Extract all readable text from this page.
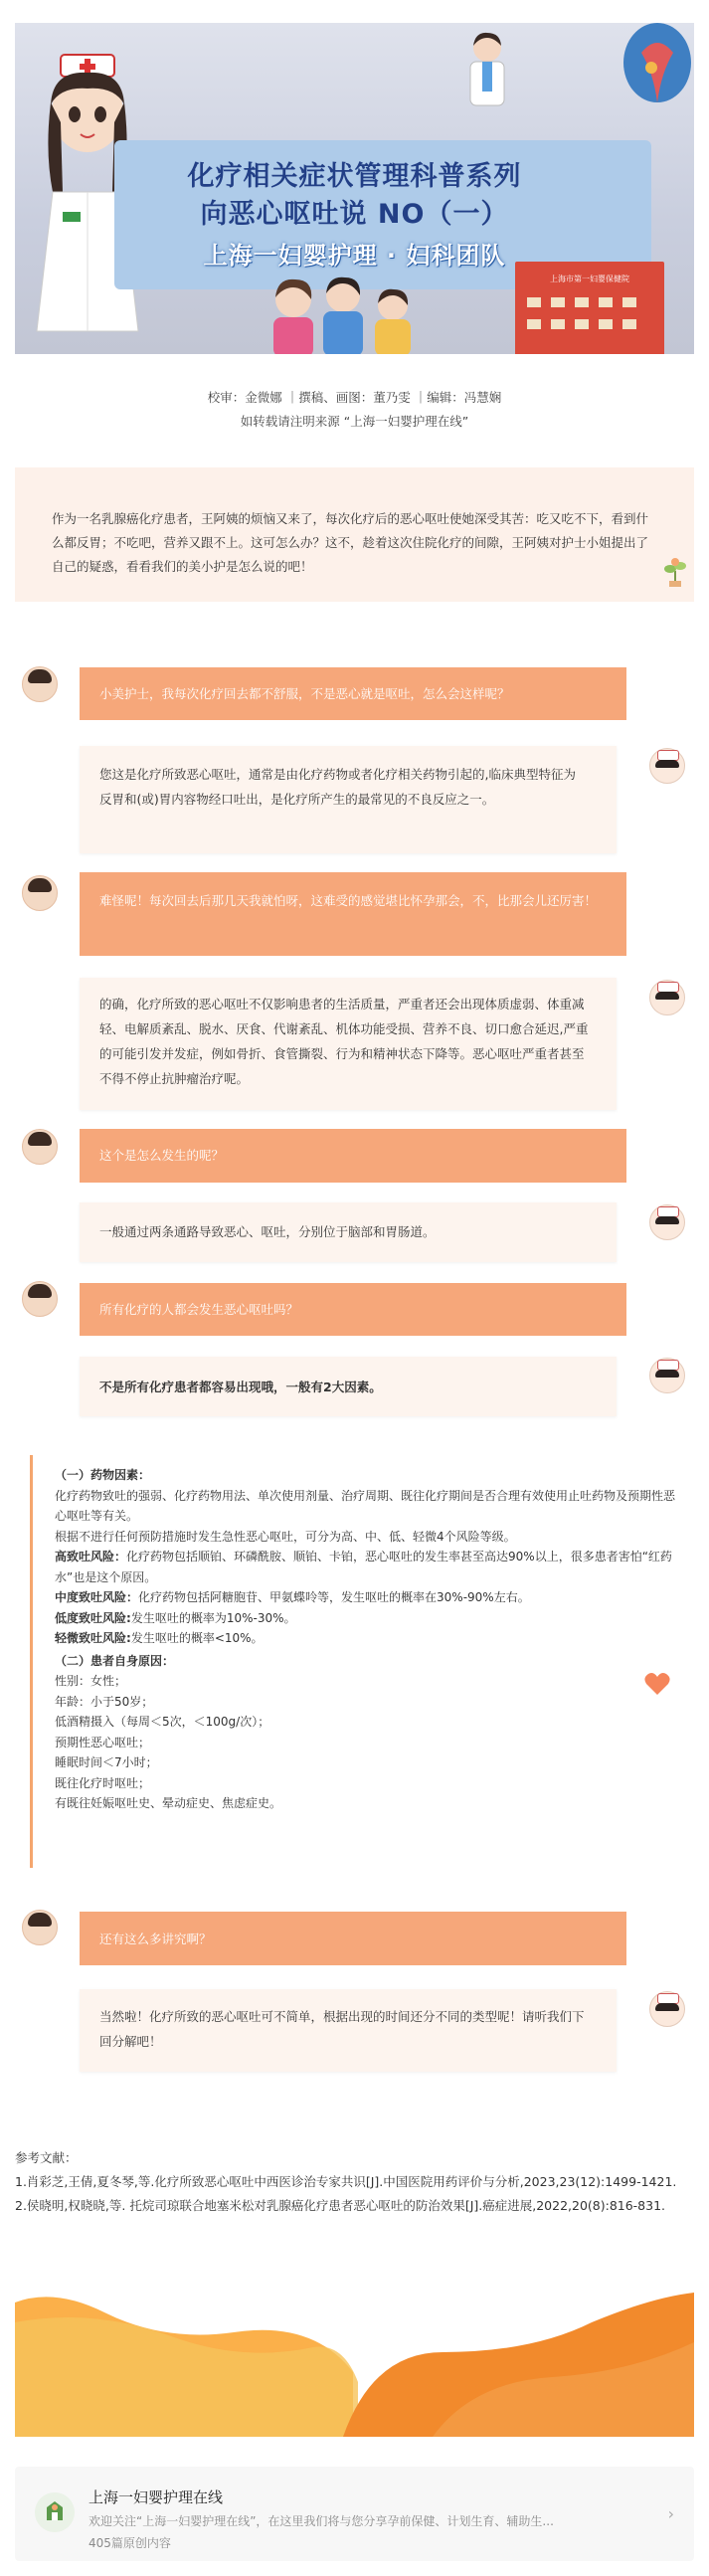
化疗相关症状管理科普系列
向恶心呕吐说 NO（一）
上海一妇婴护理 · 妇科团队
上海市第一妇婴保健院
校审：金微娜 ｜撰稿、画图：董乃雯 ｜编辑：冯慧娴
如转载请注明来源 “上海一妇婴护理在线”
作为一名乳腺癌化疗患者，王阿姨的烦恼又来了，每次化疗后的恶心呕吐使她深受其苦：吃又吃不下，看到什么都反胃；不吃吧，营养又跟不上。这可怎么办？这不，趁着这次住院化疗的间隙，王阿姨对护士小姐提出了自己的疑惑，看看我们的美小护是怎么说的吧！
小美护士，我每次化疗回去都不舒服，不是恶心就是呕吐，怎么会这样呢？
您这是化疗所致恶心呕吐，通常是由化疗药物或者化疗相关药物引起的,临床典型特征为反胃和(或)胃内容物经口吐出，是化疗所产生的最常见的不良反应之一。
难怪呢！每次回去后那几天我就怕呀，这难受的感觉堪比怀孕那会，不，比那会儿还厉害！
的确，化疗所致的恶心呕吐不仅影响患者的生活质量，严重者还会出现体质虚弱、体重减轻、电解质紊乱、脱水、厌食、代谢紊乱、机体功能受损、营养不良、切口愈合延迟,严重的可能引发并发症，例如骨折、食管撕裂、行为和精神状态下降等。恶心呕吐严重者甚至不得不停止抗肿瘤治疗呢。
这个是怎么发生的呢？
一般通过两条通路导致恶心、呕吐，分别位于脑部和胃肠道。
所有化疗的人都会发生恶心呕吐吗？
不是所有化疗患者都容易出现哦，一般有2大因素。
（一）药物因素：
化疗药物致吐的强弱、化疗药物用法、单次使用剂量、治疗周期、既往化疗期间是否合理有效使用止吐药物及预期性恶心呕吐等有关。
根据不进行任何预防措施时发生急性恶心呕吐，可分为高、中、低、轻微4个风险等级。
高致吐风险：化疗药物包括顺铂、环磷酰胺、顺铂、卡铂，恶心呕吐的发生率甚至高达90%以上，很多患者害怕“红药水”也是这个原因。
中度致吐风险：化疗药物包括阿糖胞苷、甲氨蝶呤等，发生呕吐的概率在30%-90%左右。
低度致吐风险:发生呕吐的概率为10%-30%。
轻微致吐风险:发生呕吐的概率<10%。
（二）患者自身原因：
性别：女性；
年龄：小于50岁；
低酒精摄入（每周＜5次，＜100g/次）；
预期性恶心呕吐；
睡眠时间＜7小时；
既往化疗时呕吐；
有既往妊娠呕吐史、晕动症史、焦虑症史。
还有这么多讲究啊？
当然啦！化疗所致的恶心呕吐可不简单，根据出现的时间还分不同的类型呢！请听我们下回分解吧！
参考文献：
1.肖彩芝,王倩,夏冬琴,等.化疗所致恶心呕吐中西医诊治专家共识[J].中国医院用药评价与分析,2023,23(12):1499-1421.
2.侯晓明,权晓晓,等. 托烷司琼联合地塞米松对乳腺癌化疗患者恶心呕吐的防治效果[J].癌症进展,2022,20(8):816-831.
上海一妇婴护理在线
欢迎关注“上海一妇婴护理在线”，在这里我们将与您分享孕前保健、计划生育、辅助生...
405篇原创内容
›
